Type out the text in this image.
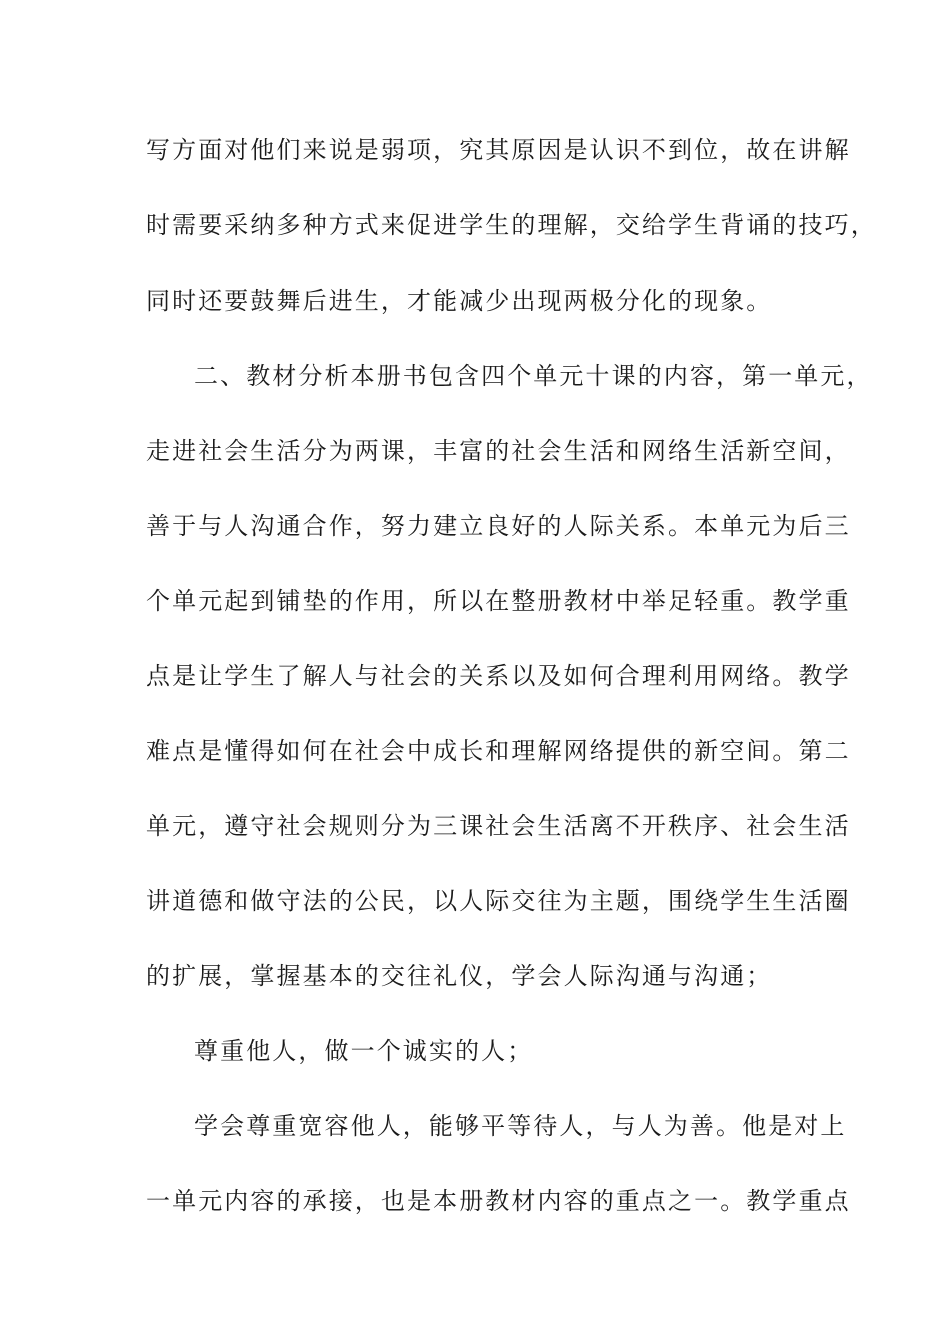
写方面对他们来说是弱项，究其原因是认识不到位，故在讲解
时需要采纳多种方式来促进学生的理解，交给学生背诵的技巧，
同时还要鼓舞后进生，才能减少出现两极分化的现象。
二、教材分析本册书包含四个单元十课的内容，第一单元，
走进社会生活分为两课，丰富的社会生活和网络生活新空间，
善于与人沟通合作，努力建立良好的人际关系。本单元为后三
个单元起到铺垫的作用，所以在整册教材中举足轻重。教学重
点是让学生了解人与社会的关系以及如何合理利用网络。教学
难点是懂得如何在社会中成长和理解网络提供的新空间。第二
单元，遵守社会规则分为三课社会生活离不开秩序、社会生活
讲道德和做守法的公民，以人际交往为主题，围绕学生生活圈
的扩展，掌握基本的交往礼仪，学会人际沟通与沟通；
尊重他人，做一个诚实的人；
学会尊重宽容他人，能够平等待人，与人为善。他是对上
一单元内容的承接，也是本册教材内容的重点之一。教学重点
